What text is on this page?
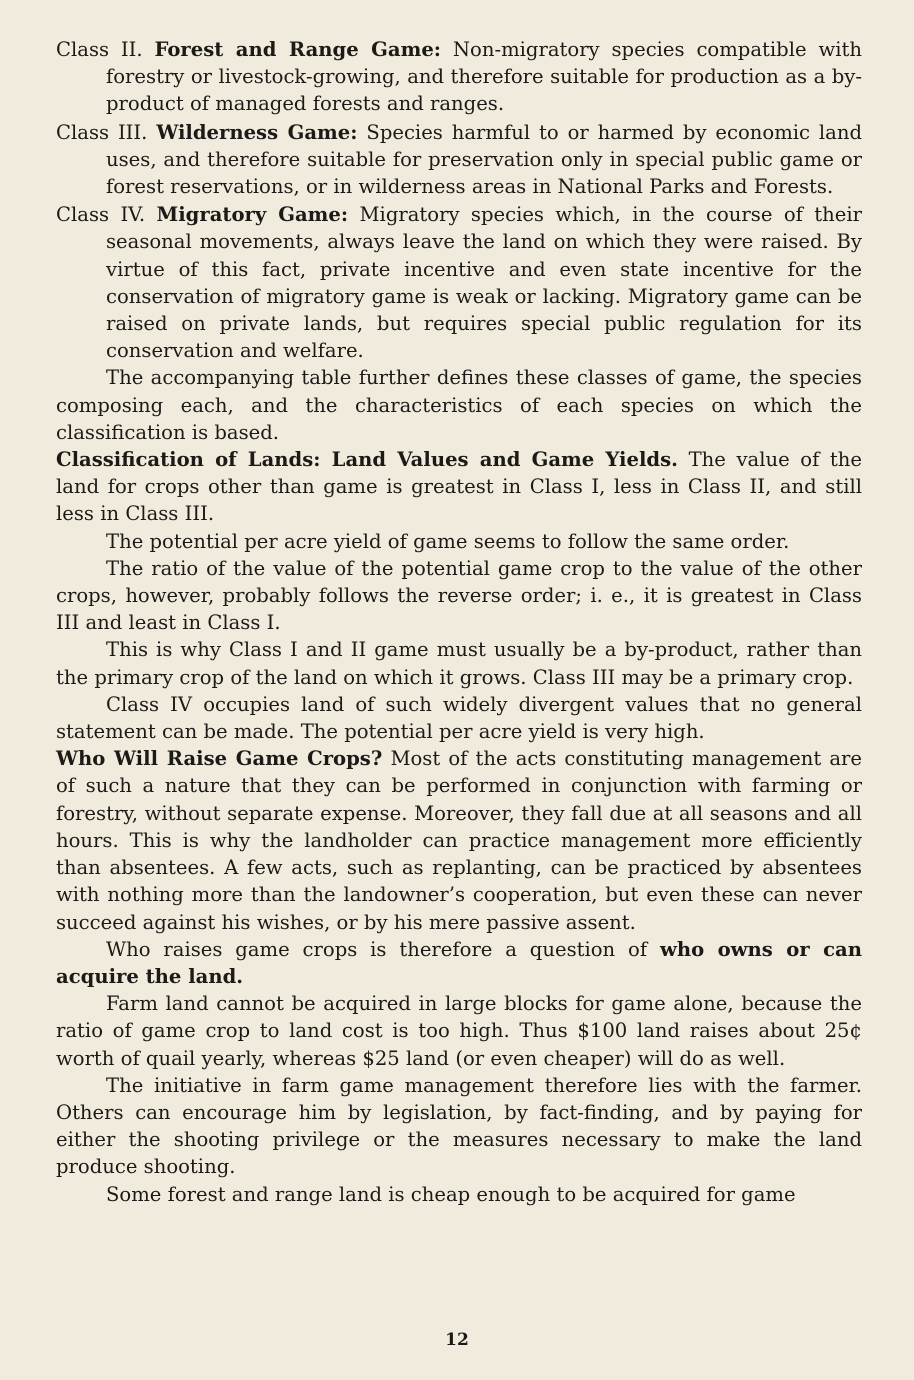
Class II. Forest and Range Game: Non-migratory species compatible with forestry or livestock-growing, and therefore suitable for production as a by-product of managed forests and ranges.

Class III. Wilderness Game: Species harmful to or harmed by economic land uses, and therefore suitable for preservation only in special public game or forest reservations, or in wilderness areas in National Parks and Forests.

Class IV. Migratory Game: Migratory species which, in the course of their seasonal movements, always leave the land on which they were raised. By virtue of this fact, private incentive and even state incentive for the conservation of migratory game is weak or lacking. Migratory game can be raised on private lands, but requires special public regulation for its conservation and welfare.

The accompanying table further defines these classes of game, the species composing each, and the characteristics of each species on which the classification is based.

Classification of Lands: Land Values and Game Yields. The value of the land for crops other than game is greatest in Class I, less in Class II, and still less in Class III.

The potential per acre yield of game seems to follow the same order.

The ratio of the value of the potential game crop to the value of the other crops, however, probably follows the reverse order; i. e., it is greatest in Class III and least in Class I.

This is why Class I and II game must usually be a by-product, rather than the primary crop of the land on which it grows. Class III may be a primary crop.

Class IV occupies land of such widely divergent values that no general statement can be made. The potential per acre yield is very high.

Who Will Raise Game Crops? Most of the acts constituting management are of such a nature that they can be performed in conjunction with farming or forestry, without separate expense. Moreover, they fall due at all seasons and all hours. This is why the landholder can practice management more efficiently than absentees. A few acts, such as replanting, can be practiced by absentees with nothing more than the landowner’s cooperation, but even these can never succeed against his wishes, or by his mere passive assent.

Who raises game crops is therefore a question of who owns or can acquire the land.

Farm land cannot be acquired in large blocks for game alone, because the ratio of game crop to land cost is too high. Thus $100 land raises about 25¢ worth of quail yearly, whereas $25 land (or even cheaper) will do as well.

The initiative in farm game management therefore lies with the farmer. Others can encourage him by legislation, by fact-finding, and by paying for either the shooting privilege or the measures necessary to make the land produce shooting.

Some forest and range land is cheap enough to be acquired for game

12
